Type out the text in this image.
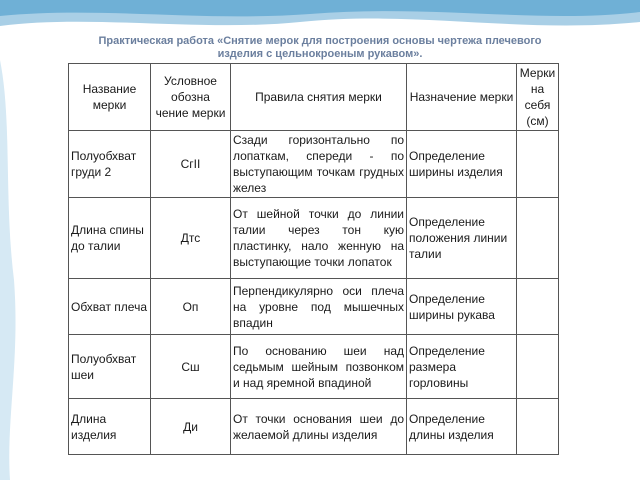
Практическая работа «Снятие мерок для построения основы чертежа плечевого
изделия с цельнокроеным рукавом».
Название мерки	Условное обозна чение мерки	Правила снятия мерки	Назначение мерки	Мерки на себя (см)
Полуобхват груди 2	СгII	Сзади горизонтально по лопаткам, спереди - по выступающим точкам грудных желез	Определение ширины изделия	
Длина спины до талии	Дтс	От шейной точки до линии талии через тон кую пластинку, нало женную на выступающие точки лопаток	Определение положения линии талии	
Обхват плеча	Оп	Перпендикулярно оси плеча на уровне под мышечных впадин	Определение ширины рукава	
Полуобхват шеи	Сш	По основанию шеи над седьмым шейным позвонком и над яремной впадиной	Определение размера горловины	
Длина изделия	Ди	От точки основания шеи до желаемой длины изделия	Определение длины изделия	
